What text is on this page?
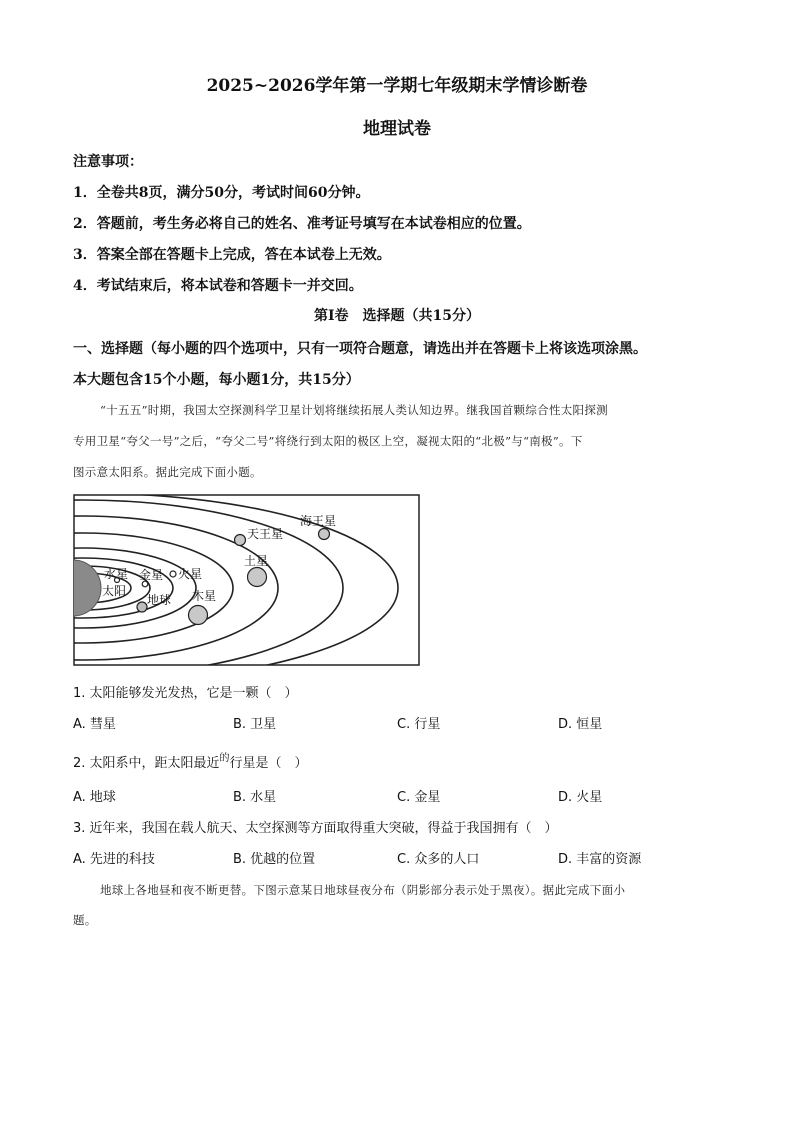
2025~2026学年第一学期七年级期末学情诊断卷
地理试卷
注意事项：
1．全卷共8页，满分50分，考试时间60分钟。
2．答题前，考生务必将自己的姓名、准考证号填写在本试卷相应的位置。
3．答案全部在答题卡上完成，答在本试卷上无效。
4．考试结束后，将本试卷和答题卡一并交回。
第Ⅰ卷　选择题（共15分）
一、选择题（每小题的四个选项中，只有一项符合题意，请选出并在答题卡上将该选项涂黑。
本大题包含15个小题，每小题1分，共15分）
“十五五”时期，我国太空探测科学卫星计划将继续拓展人类认知边界。继我国首颗综合性太阳探测
专用卫星“夸父一号”之后，“夸父二号”将绕行到太阳的极区上空，凝视太阳的“北极”与“南极”。下
图示意太阳系。据此完成下面小题。
太阳
水星 金星
地球
火星
木星
土星
天王星
海王星
1. 太阳能够发光发热，它是一颗（　）
A. 彗星	B. 卫星	C. 行星	D. 恒星
2. 太阳系中，距太阳最近$^的$行星是（　）
A. 地球	B. 水星	C. 金星	D. 火星
3. 近年来，我国在载人航天、太空探测等方面取得重大突破，得益于我国拥有（　）
A. 先进的科技	B. 优越的位置	C. 众多的人口	D. 丰富的资源
地球上各地昼和夜不断更替。下图示意某日地球昼夜分布（阴影部分表示处于黑夜）。据此完成下面小
题。
